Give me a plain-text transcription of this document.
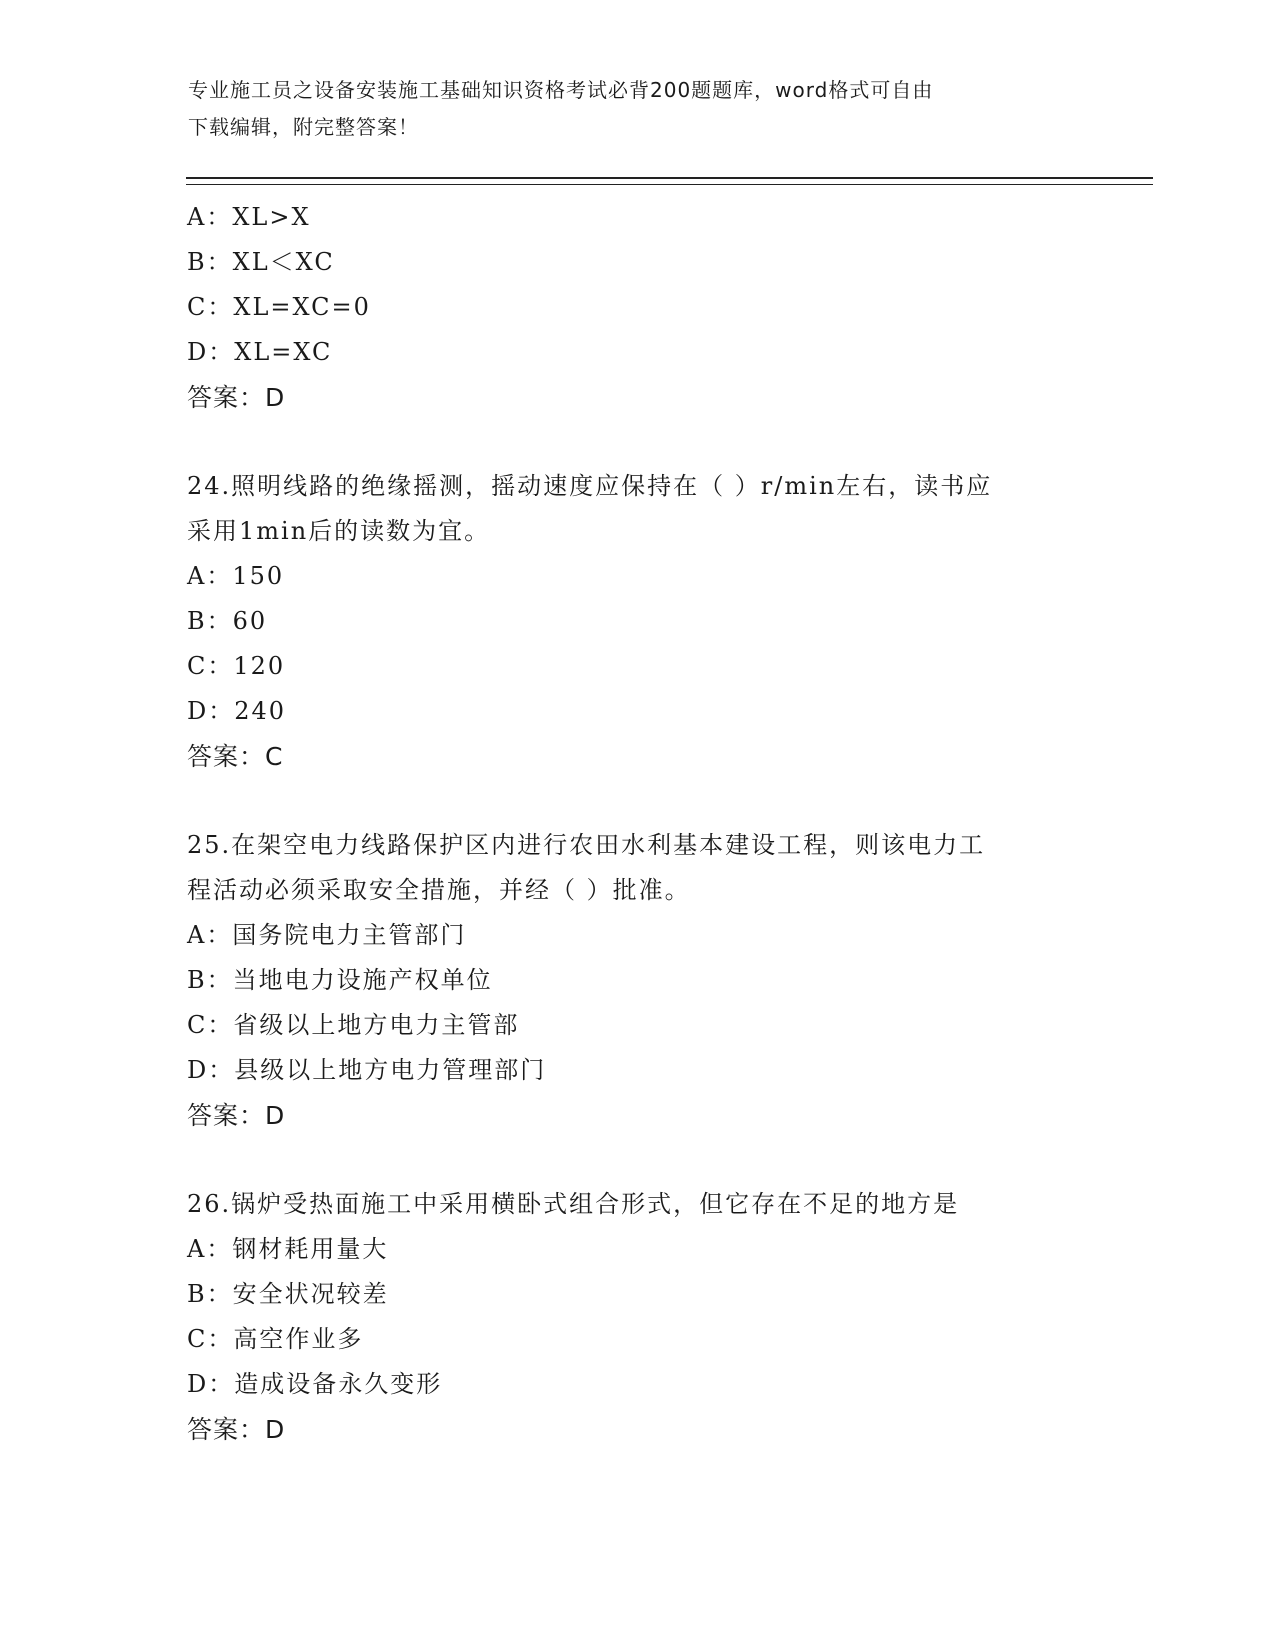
专业施工员之设备安装施工基础知识资格考试必背200题题库，word格式可自由
下载编辑，附完整答案！
A：XL>X
B：XL＜XC
C：XL=XC=0
D：XL=XC
答案：D
24.照明线路的绝缘摇测，摇动速度应保持在（ ）r/min左右，读书应
采用1min后的读数为宜。
A：150
B：60
C：120
D：240
答案：C
25.在架空电力线路保护区内进行农田水利基本建设工程，则该电力工
程活动必须采取安全措施，并经（ ）批准。
A：国务院电力主管部门
B：当地电力设施产权单位
C：省级以上地方电力主管部
D：县级以上地方电力管理部门
答案：D
26.锅炉受热面施工中采用横卧式组合形式，但它存在不足的地方是
A：钢材耗用量大
B：安全状况较差
C：高空作业多
D：造成设备永久变形
答案：D
